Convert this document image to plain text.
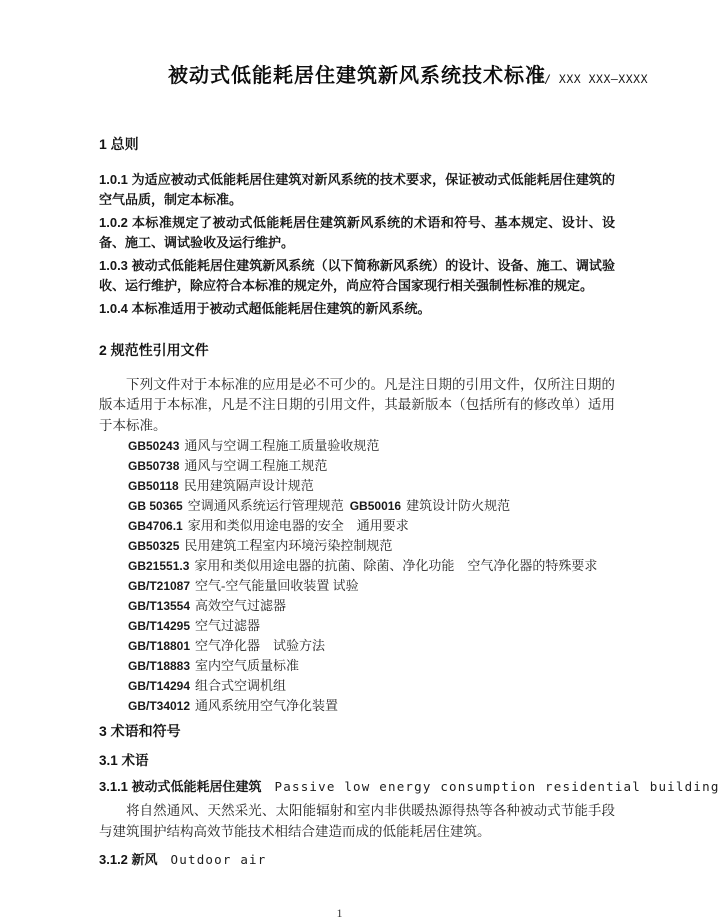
T/ XXX XXX—XXXX
被动式低能耗居住建筑新风系统技术标准
1 总则

1.0.1 为适应被动式低能耗居住建筑对新风系统的技术要求，保证被动式低能耗居住建筑的空气品质，制定本标准。

1.0.2 本标准规定了被动式低能耗居住建筑新风系统的术语和符号、基本规定、设计、设备、施工、调试验收及运行维护。

1.0.3 被动式低能耗居住建筑新风系统（以下简称新风系统）的设计、设备、施工、调试验收、运行维护，除应符合本标准的规定外，尚应符合国家现行相关强制性标准的规定。

1.0.4 本标准适用于被动式超低能耗居住建筑的新风系统。

2 规范性引用文件

下列文件对于本标准的应用是必不可少的。凡是注日期的引用文件，仅所注日期的版本适用于本标准，凡是不注日期的引用文件，其最新版本（包括所有的修改单）适用于本标准。

GB50243 通风与空调工程施工质量验收规范
GB50738 通风与空调工程施工规范
GB50118 民用建筑隔声设计规范
GB 50365 空调通风系统运行管理规范 GB50016 建筑设计防火规范
GB4706.1 家用和类似用途电器的安全　通用要求
GB50325 民用建筑工程室内环境污染控制规范
GB21551.3 家用和类似用途电器的抗菌、除菌、净化功能　空气净化器的特殊要求
GB/T21087 空气-空气能量回收装置 试验
GB/T13554 高效空气过滤器
GB/T14295 空气过滤器
GB/T18801 空气净化器　试验方法
GB/T18883 室内空气质量标准
GB/T14294 组合式空调机组
GB/T34012 通风系统用空气净化装置
3 术语和符号
3.1 术语
3.1.1 被动式低能耗居住建筑 Passive low energy consumption residential building

将自然通风、天然采光、太阳能辐射和室内非供暖热源得热等各种被动式节能手段与建筑围护结构高效节能技术相结合建造而成的低能耗居住建筑。

3.1.2 新风 Outdoor air
1
